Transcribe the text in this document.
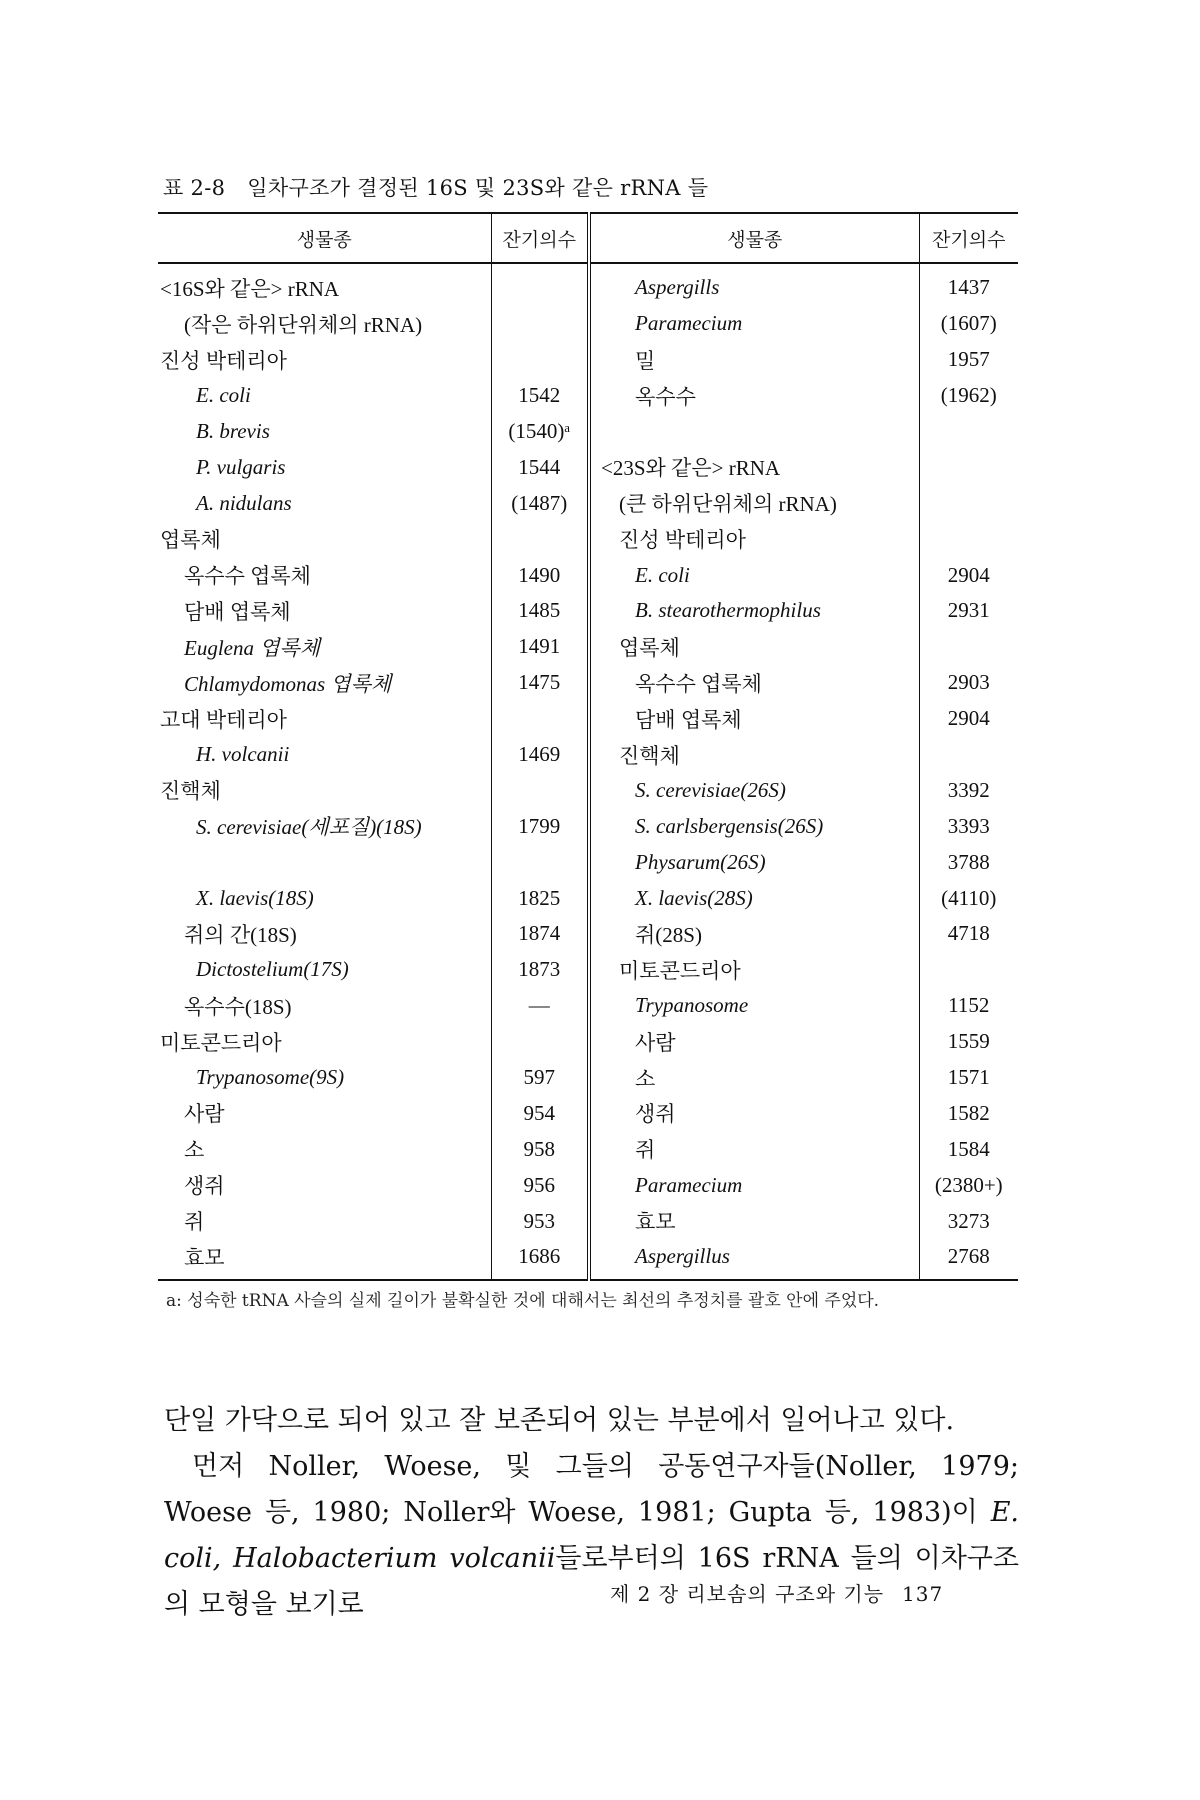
표 2-8 일차구조가 결정된 16S 및 23S와 같은 rRNA 들
생물종	잔기의수	생물종	잔기의수
<16S와 같은> rRNA		Aspergills	1437
(작은 하위단위체의 rRNA)		Paramecium	(1607)
진성 박테리아		밀	1957
E. coli	1542	옥수수	(1962)
B. brevis	(1540)ᵃ		
P. vulgaris	1544	<23S와 같은> rRNA	
A. nidulans	(1487)	(큰 하위단위체의 rRNA)	
엽록체		진성 박테리아	
옥수수 엽록체	1490	E. coli	2904
담배 엽록체	1485	B. stearothermophilus	2931
Euglena 엽록체	1491	엽록체	
Chlamydomonas 엽록체	1475	옥수수 엽록체	2903
고대 박테리아		담배 엽록체	2904
H. volcanii	1469	진핵체	
진핵체		S. cerevisiae(26S)	3392
S. cerevisiae(세포질)(18S)	1799	S. carlsbergensis(26S)	3393
		Physarum(26S)	3788
X. laevis(18S)	1825	X. laevis(28S)	(4110)
쥐의 간(18S)	1874	쥐(28S)	4718
Dictostelium(17S)	1873	미토콘드리아	
옥수수(18S)	—	Trypanosome	1152
미토콘드리아		사람	1559
Trypanosome(9S)	597	소	1571
사람	954	생쥐	1582
소	958	쥐	1584
생쥐	956	Paramecium	(2380+)
쥐	953	효모	3273
효모	1686	Aspergillus	2768
a: 성숙한 tRNA 사슬의 실제 길이가 불확실한 것에 대해서는 최선의 추정치를 괄호 안에 주었다.

단일 가닥으로 되어 있고 잘 보존되어 있는 부분에서 일어나고 있다.

먼저 Noller, Woese, 및 그들의 공동연구자들(Noller, 1979; Woese 등, 1980; Noller와 Woese, 1981; Gupta 등, 1983)이 E. coli, Halobacterium volcanii들로부터의 16S rRNA 들의 이차구조의 모형을 보기로	제 2 장 리보솜의 구조와 기능 137
